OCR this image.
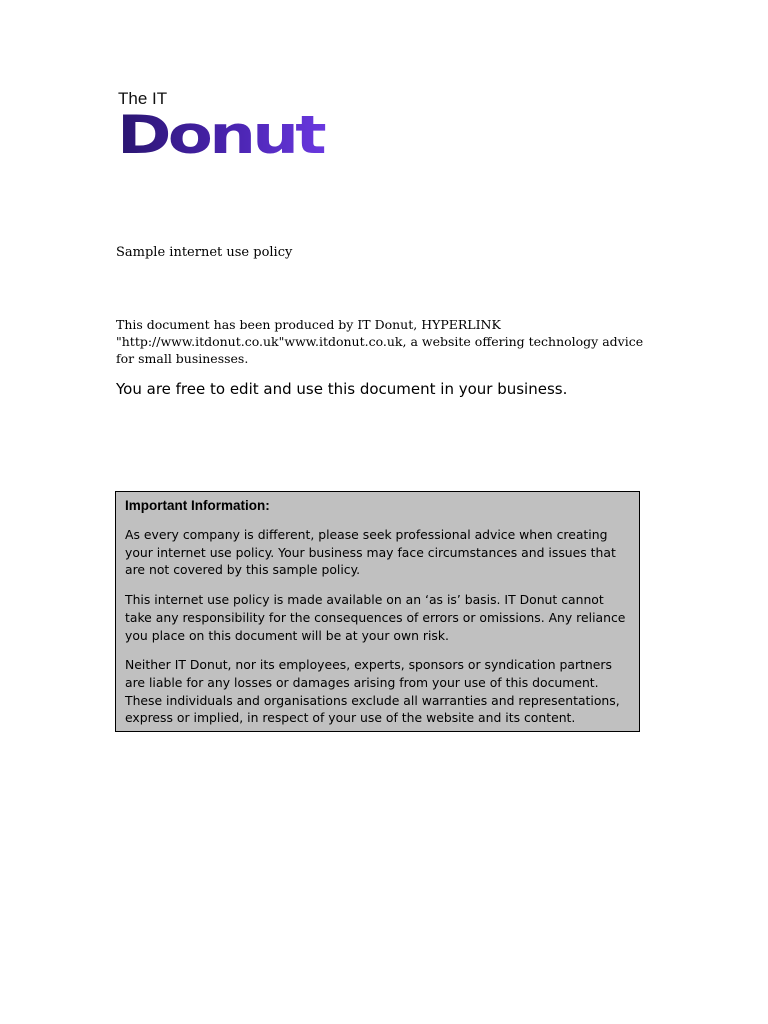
The IT
Donut

Sample internet use policy

This document has been produced by IT Donut, HYPERLINK "http://www.itdonut.co.uk"www.itdonut.co.uk, a website offering technology advice for small businesses.

You are free to edit and use this document in your business.

Important Information:

As every company is different, please seek professional advice when creating your internet use policy. Your business may face circumstances and issues that are not covered by this sample policy.

This internet use policy is made available on an ‘as is’ basis. IT Donut cannot take any responsibility for the consequences of errors or omissions. Any reliance you place on this document will be at your own risk.

Neither IT Donut, nor its employees, experts, sponsors or syndication partners are liable for any losses or damages arising from your use of this document. These individuals and organisations exclude all warranties and representations, express or implied, in respect of your use of the website and its content.
